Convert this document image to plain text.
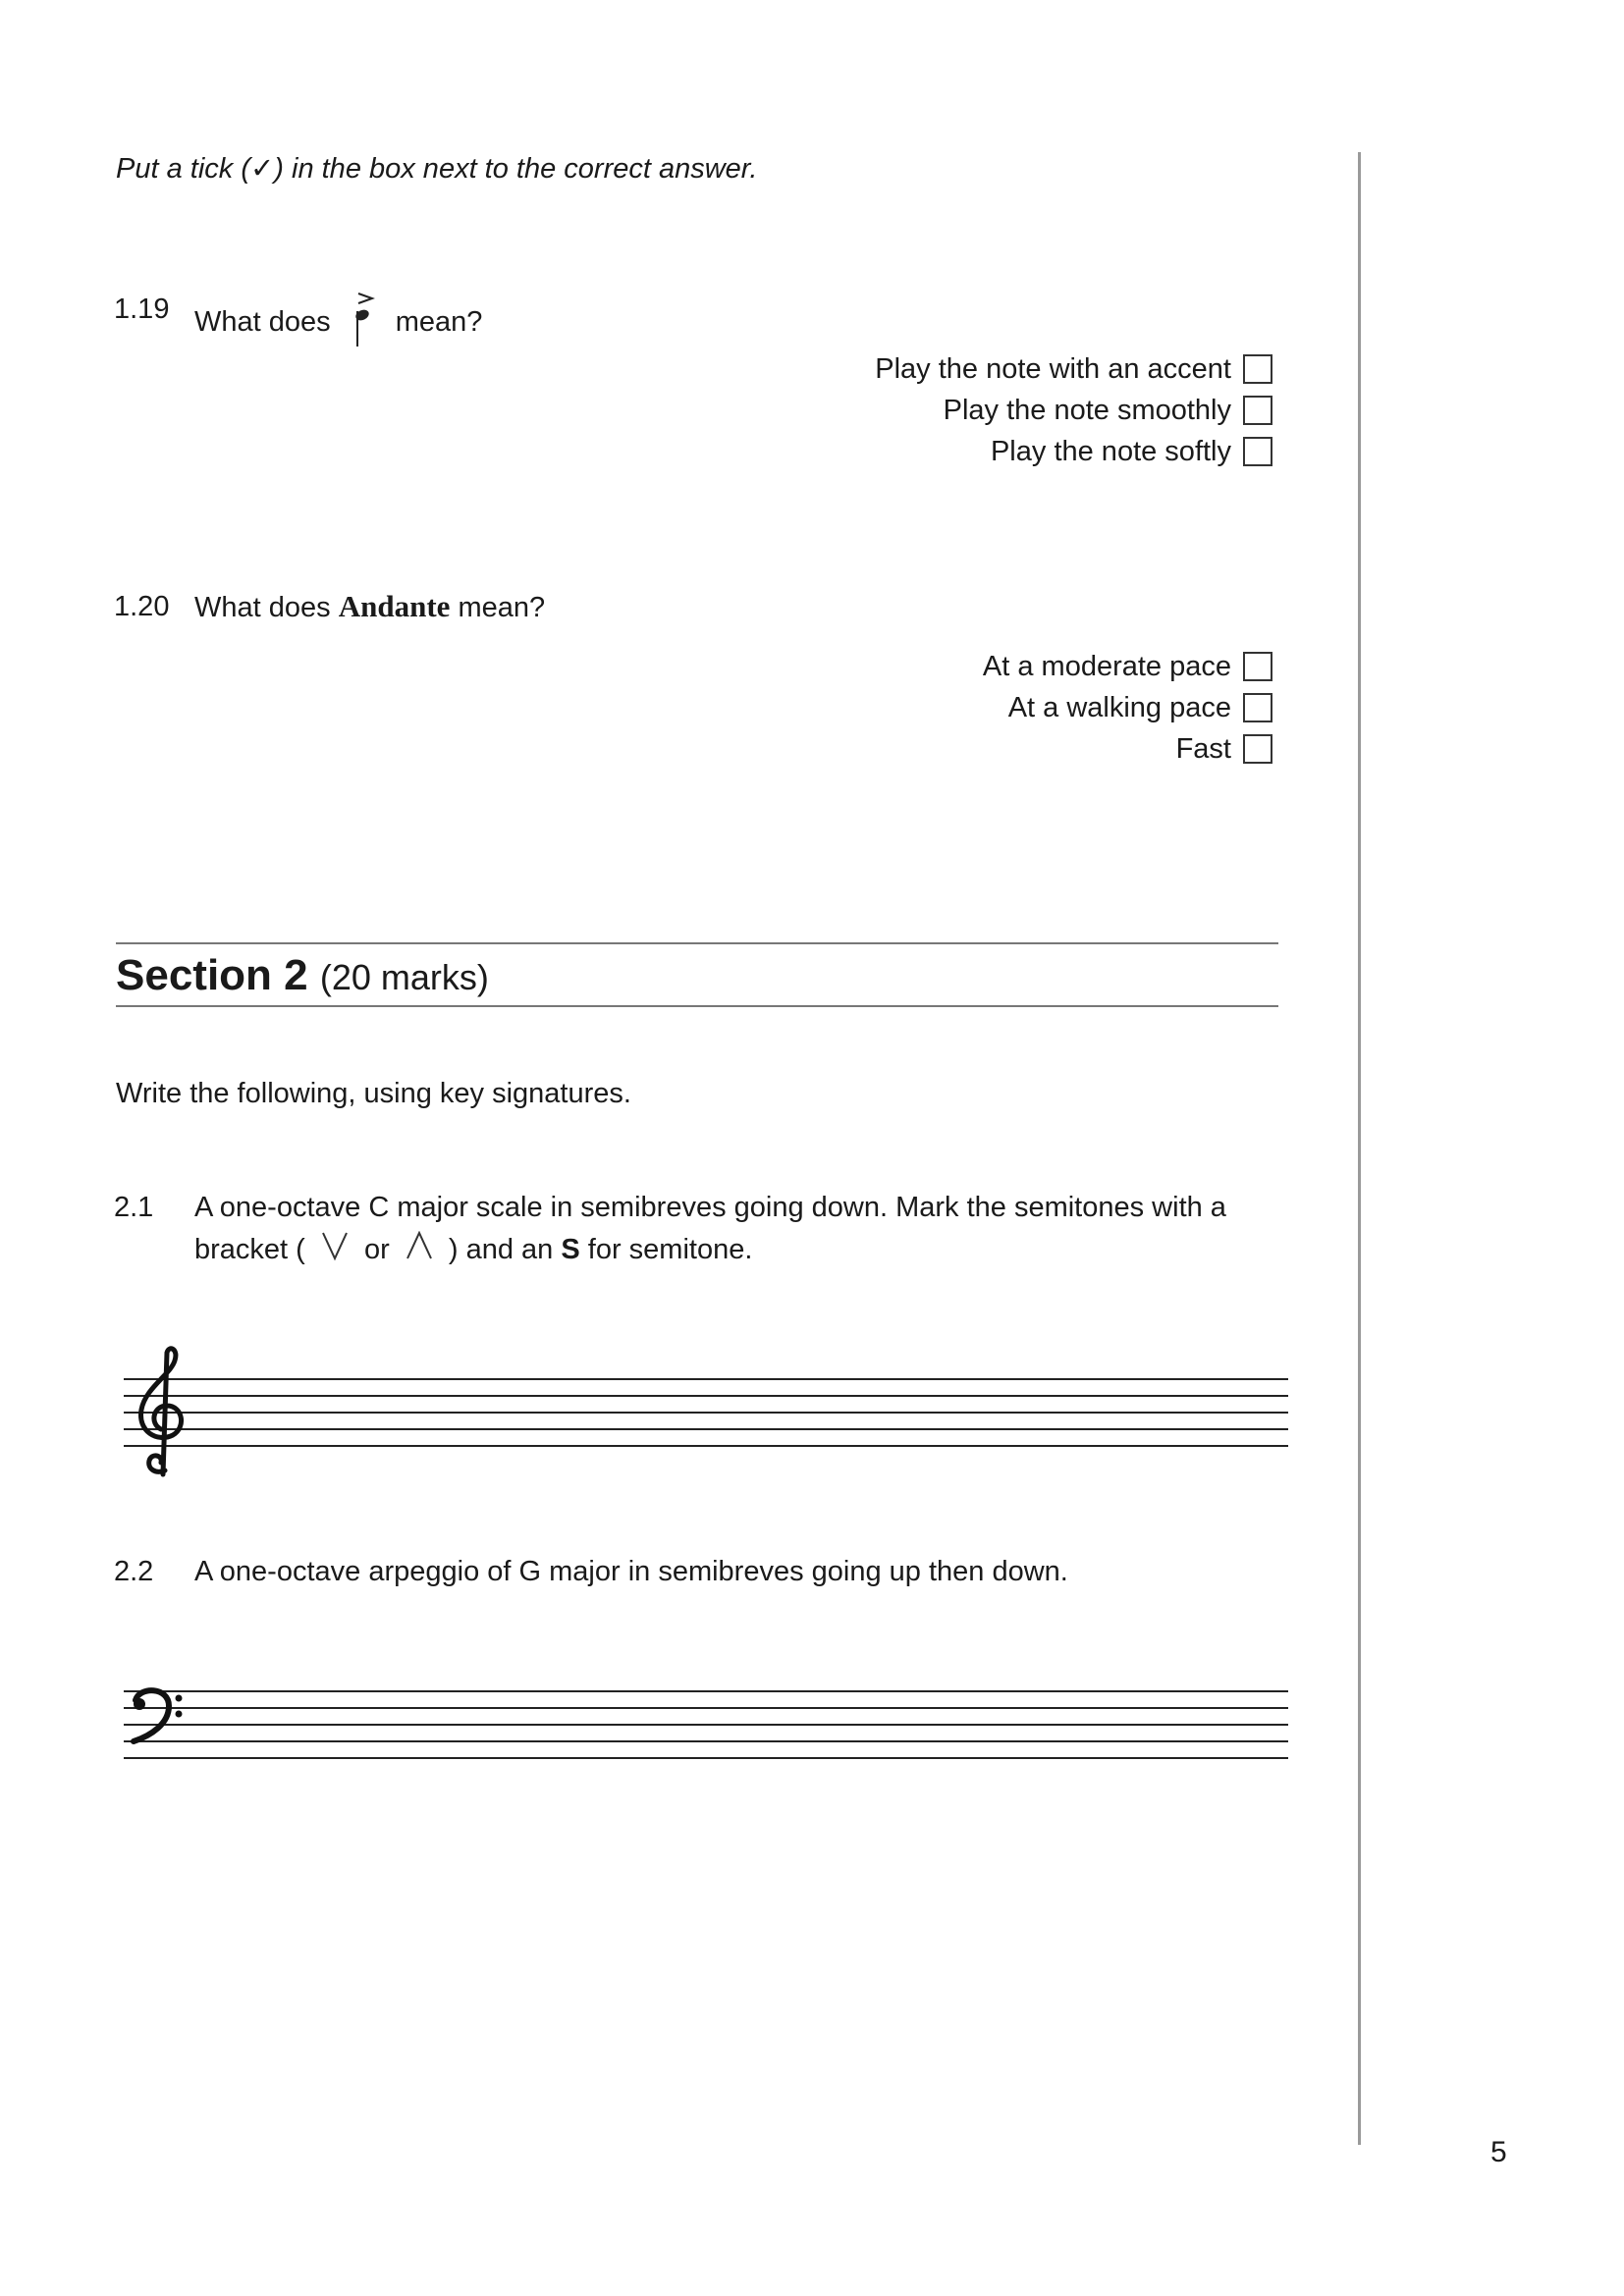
Put a tick (✓) in the box next to the correct answer.
5
1.19 What does mean?
Play the note with an accent
Play the note smoothly
Play the note softly
1.20 What does Andante mean?
At a moderate pace
At a walking pace
Fast
Section 2 (20 marks)
Write the following, using key signatures.
2.1 A one-octave C major scale in semibreves going down. Mark the semitones with a
bracket ( or ) and an S for semitone.
2.2 A one-octave arpeggio of G major in semibreves going up then down.
